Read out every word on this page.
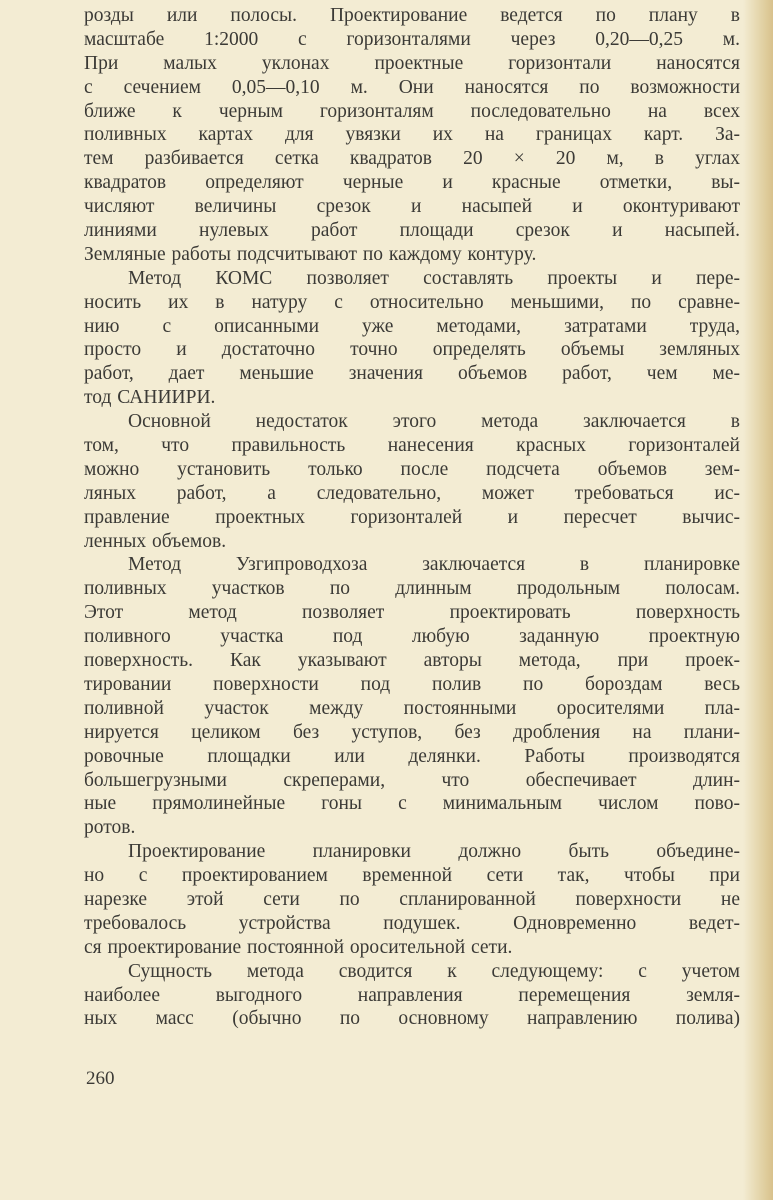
розды или полосы. Проектирование ведется по плану в
масштабе 1:2000 с горизонталями через 0,20—0,25 м.
При малых уклонах проектные горизонтали наносятся
с сечением 0,05—0,10 м. Они наносятся по возможности
ближе к черным горизонталям последовательно на всех
поливных картах для увязки их на границах карт. За-
тем разбивается сетка квадратов 20 × 20 м, в углах
квадратов определяют черные и красные отметки, вы-
числяют величины срезок и насыпей и оконтуривают
линиями нулевых работ площади срезок и насыпей.
Земляные работы подсчитывают по каждому контуру.
Метод КОМС позволяет составлять проекты и пере-
носить их в натуру с относительно меньшими, по сравне-
нию с описанными уже методами, затратами труда,
просто и достаточно точно определять объемы земляных
работ, дает меньшие значения объемов работ, чем ме-
тод САНИИРИ.
Основной недостаток этого метода заключается в
том, что правильность нанесения красных горизонталей
можно установить только после подсчета объемов зем-
ляных работ, а следовательно, может требоваться ис-
правление проектных горизонталей и пересчет вычис-
ленных объемов.
Метод Узгипроводхоза заключается в планировке
поливных участков по длинным продольным полосам.
Этот метод позволяет проектировать поверхность
поливного участка под любую заданную проектную
поверхность. Как указывают авторы метода, при проек-
тировании поверхности под полив по бороздам весь
поливной участок между постоянными оросителями пла-
нируется целиком без уступов, без дробления на плани-
ровочные площадки или делянки. Работы производятся
большегрузными скреперами, что обеспечивает длин-
ные прямолинейные гоны с минимальным числом пово-
ротов.
Проектирование планировки должно быть объедине-
но с проектированием временной сети так, чтобы при
нарезке этой сети по спланированной поверхности не
требовалось устройства подушек. Одновременно ведет-
ся проектирование постоянной оросительной сети.
Сущность метода сводится к следующему: с учетом
наиболее выгодного направления перемещения земля-
ных масс (обычно по основному направлению полива)
260
